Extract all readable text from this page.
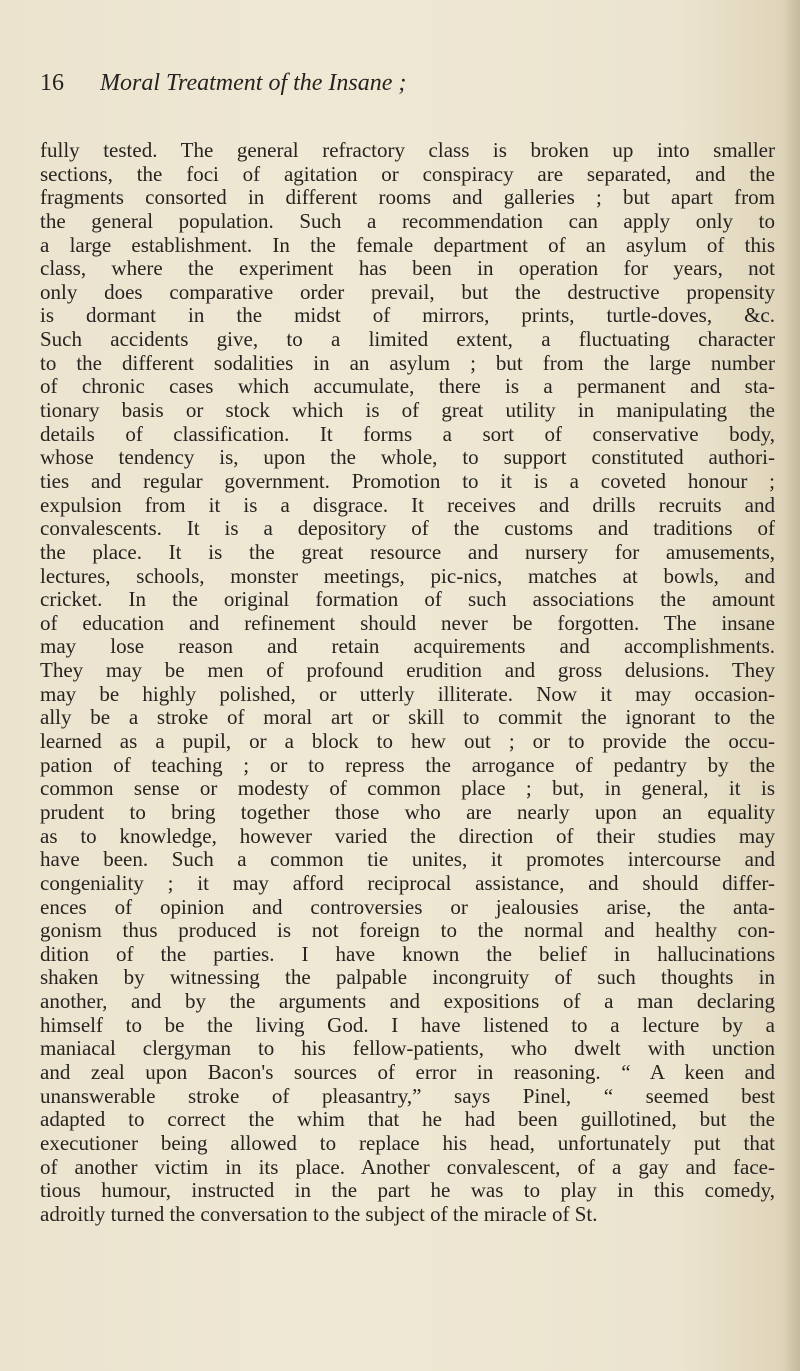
16 Moral Treatment of the Insane ;
fully tested. The general refractory class is broken up into smaller
sections, the foci of agitation or conspiracy are separated, and the
fragments consorted in different rooms and galleries ; but apart from
the general population. Such a recommendation can apply only to
a large establishment. In the female department of an asylum of this
class, where the experiment has been in operation for years, not
only does comparative order prevail, but the destructive propensity
is dormant in the midst of mirrors, prints, turtle-doves, &c.
Such accidents give, to a limited extent, a fluctuating character
to the different sodalities in an asylum ; but from the large number
of chronic cases which accumulate, there is a permanent and sta-
tionary basis or stock which is of great utility in manipulating the
details of classification. It forms a sort of conservative body,
whose tendency is, upon the whole, to support constituted authori-
ties and regular government. Promotion to it is a coveted honour ;
expulsion from it is a disgrace. It receives and drills recruits and
convalescents. It is a depository of the customs and traditions of
the place. It is the great resource and nursery for amusements,
lectures, schools, monster meetings, pic-nics, matches at bowls, and
cricket. In the original formation of such associations the amount
of education and refinement should never be forgotten. The insane
may lose reason and retain acquirements and accomplishments.
They may be men of profound erudition and gross delusions. They
may be highly polished, or utterly illiterate. Now it may occasion-
ally be a stroke of moral art or skill to commit the ignorant to the
learned as a pupil, or a block to hew out ; or to provide the occu-
pation of teaching ; or to repress the arrogance of pedantry by the
common sense or modesty of common place ; but, in general, it is
prudent to bring together those who are nearly upon an equality
as to knowledge, however varied the direction of their studies may
have been. Such a common tie unites, it promotes intercourse and
congeniality ; it may afford reciprocal assistance, and should differ-
ences of opinion and controversies or jealousies arise, the anta-
gonism thus produced is not foreign to the normal and healthy con-
dition of the parties. I have known the belief in hallucinations
shaken by witnessing the palpable incongruity of such thoughts in
another, and by the arguments and expositions of a man declaring
himself to be the living God. I have listened to a lecture by a
maniacal clergyman to his fellow-patients, who dwelt with unction
and zeal upon Bacon's sources of error in reasoning. “ A keen and
unanswerable stroke of pleasantry,” says Pinel, “ seemed best
adapted to correct the whim that he had been guillotined, but the
executioner being allowed to replace his head, unfortunately put that
of another victim in its place. Another convalescent, of a gay and face-
tious humour, instructed in the part he was to play in this comedy,
adroitly turned the conversation to the subject of the miracle of St.
